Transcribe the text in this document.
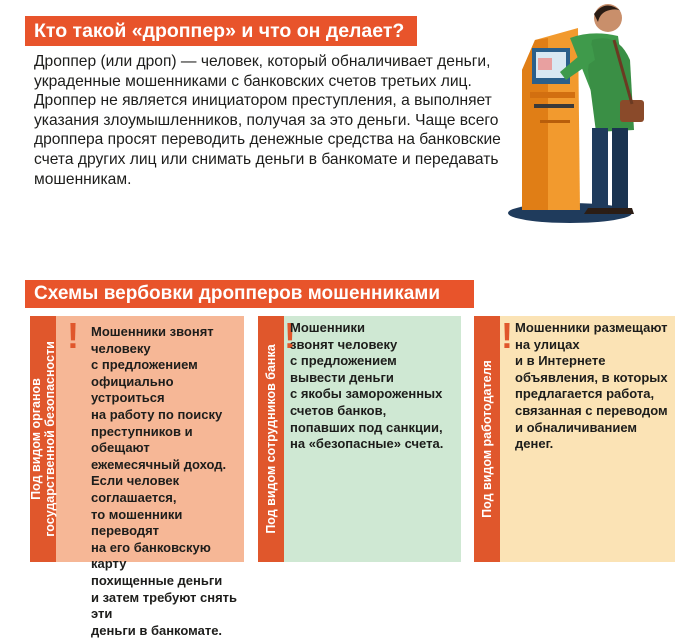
Кто такой «дроппер» и что он делает?

Дроппер (или дроп) — человек, который обналичивает деньги, украденные мошенниками с банковских счетов третьих лиц. Дроппер не является инициатором преступления, а выполняет указания злоумышленников, получая за это деньги. Чаще всего дроппера просят переводить денежные средства на банковские счета других лиц или снимать деньги в банкомате и передавать мошенникам.

Схемы вербовки дропперов мошенниками
Под видом органов государственной безопасности
! Мошенники звонят
человеку
с предложением
официально устроиться
на работу по поиску
преступников и обещают
ежемесячный доход.
Если человек соглашается,
то мошенники переводят
на его банковскую карту
похищенные деньги
и затем требуют снять эти
деньги в банкомате.

Под видом сотрудников банка
!

Мошенники
звонят человеку
с предложением
вывести деньги
с якобы замороженных
счетов банков,
попавших под санкции,
на «безопасные» счета.	Под видом работодателя
! Мошенники размещают
на улицах
и в Интернете
объявления, в которых
предлагается работа,
связанная с переводом
и обналичиванием денег.
